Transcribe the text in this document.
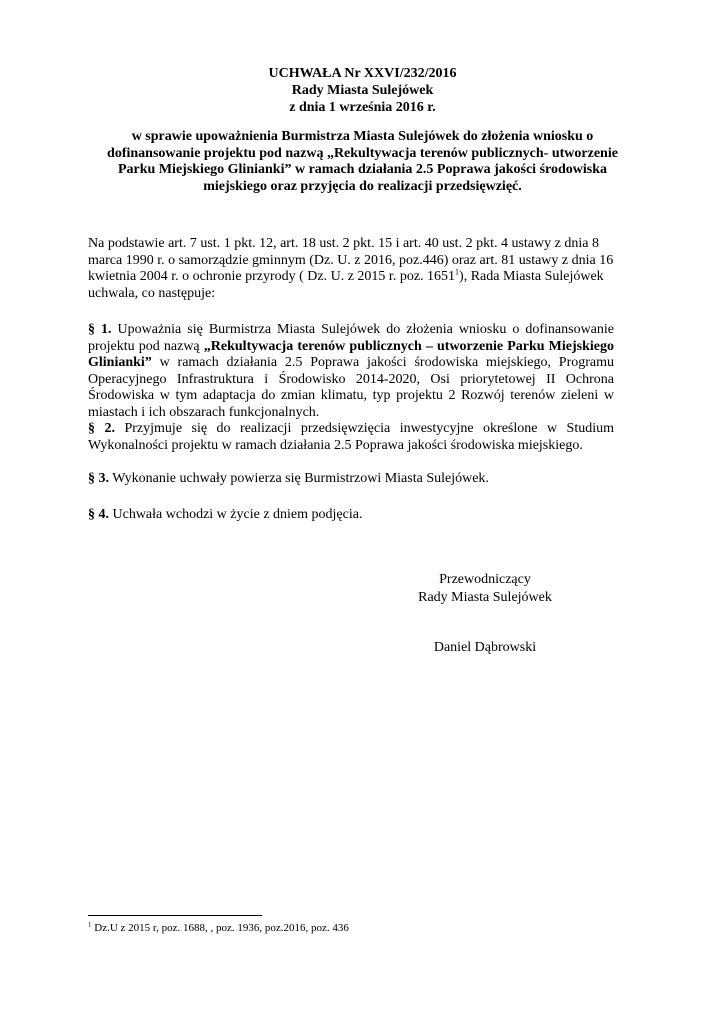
UCHWAŁA Nr XXVI/232/2016

Rady Miasta Sulejówek

z dnia 1 września 2016 r.

w sprawie upoważnienia Burmistrza Miasta Sulejówek do złożenia wniosku o
dofinansowanie projektu pod nazwą „Rekultywacja terenów publicznych- utworzenie
Parku Miejskiego Glinianki” w ramach działania 2.5 Poprawa jakości środowiska
miejskiego oraz przyjęcia do realizacji przedsięwzięć.
Na podstawie art. 7 ust. 1 pkt. 12, art. 18 ust. 2 pkt. 15 i art. 40 ust. 2 pkt. 4 ustawy z dnia 8
marca 1990 r. o samorządzie gminnym (Dz. U. z 2016, poz.446) oraz art. 81 ustawy z dnia 16
kwietnia 2004 r. o ochronie przyrody ( Dz. U. z 2015 r. poz. 1651$^1$), Rada Miasta Sulejówek
uchwala, co następuje:
§ 1. Upoważnia się Burmistrza Miasta Sulejówek do złożenia wniosku o dofinansowanie
projektu pod nazwą „Rekultywacja terenów publicznych – utworzenie Parku Miejskiego
Glinianki” w ramach działania 2.5 Poprawa jakości środowiska miejskiego, Programu
Operacyjnego Infrastruktura i Środowisko 2014-2020, Osi priorytetowej II Ochrona
Środowiska w tym adaptacja do zmian klimatu, typ projektu 2 Rozwój terenów zieleni w
miastach i ich obszarach funkcjonalnych.
§ 2. Przyjmuje się do realizacji przedsięwzięcia inwestycyjne określone w Studium
Wykonalności projektu w ramach działania 2.5 Poprawa jakości środowiska miejskiego.

§ 3. Wykonanie uchwały powierza się Burmistrzowi Miasta Sulejówek.

§ 4. Uchwała wchodzi w życie z dniem podjęcia.

Przewodniczący

Rady Miasta Sulejówek

Daniel Dąbrowski

$^1$ Dz.U z 2015 r, poz. 1688, , poz. 1936, poz.2016, poz. 436
